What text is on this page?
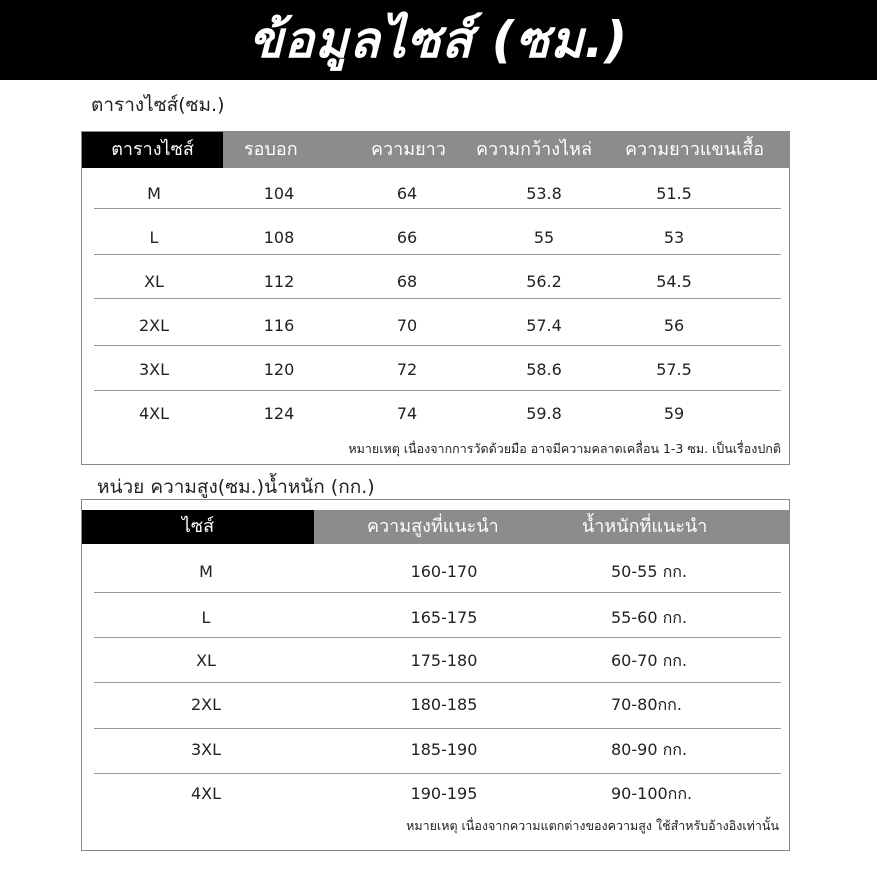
ข้อมูลไซส์ (ซม.)
ตารางไซส์(ซม.)
ตารางไซส์	รอบอก	ความยาว ความกว้างไหล่ ความยาวแขนเสื้อ
M	104	64	53.8	51.5
L	108	66	55	53
XL	112	68	56.2	54.5
2XL	116	70	57.4	56
3XL	120	72	58.6	57.5
4XL	124	74	59.8	59
หมายเหตุ เนื่องจากการวัดด้วยมือ อาจมีความคลาดเคลื่อน 1-3 ซม. เป็นเรื่องปกติ
หน่วย ความสูง(ซม.)น้ำหนัก (กก.)
ไซส์	ความสูงที่แนะนำ	น้ำหนักที่แนะนำ
M	160-170	50-55 กก.
L	165-175	55-60 กก.
XL	175-180	60-70 กก.
2XL	180-185	70-80กก.
3XL	185-190	80-90 กก.
4XL	190-195	90-100กก.
หมายเหตุ เนื่องจากความแตกต่างของความสูง ใช้สำหรับอ้างอิงเท่านั้น
